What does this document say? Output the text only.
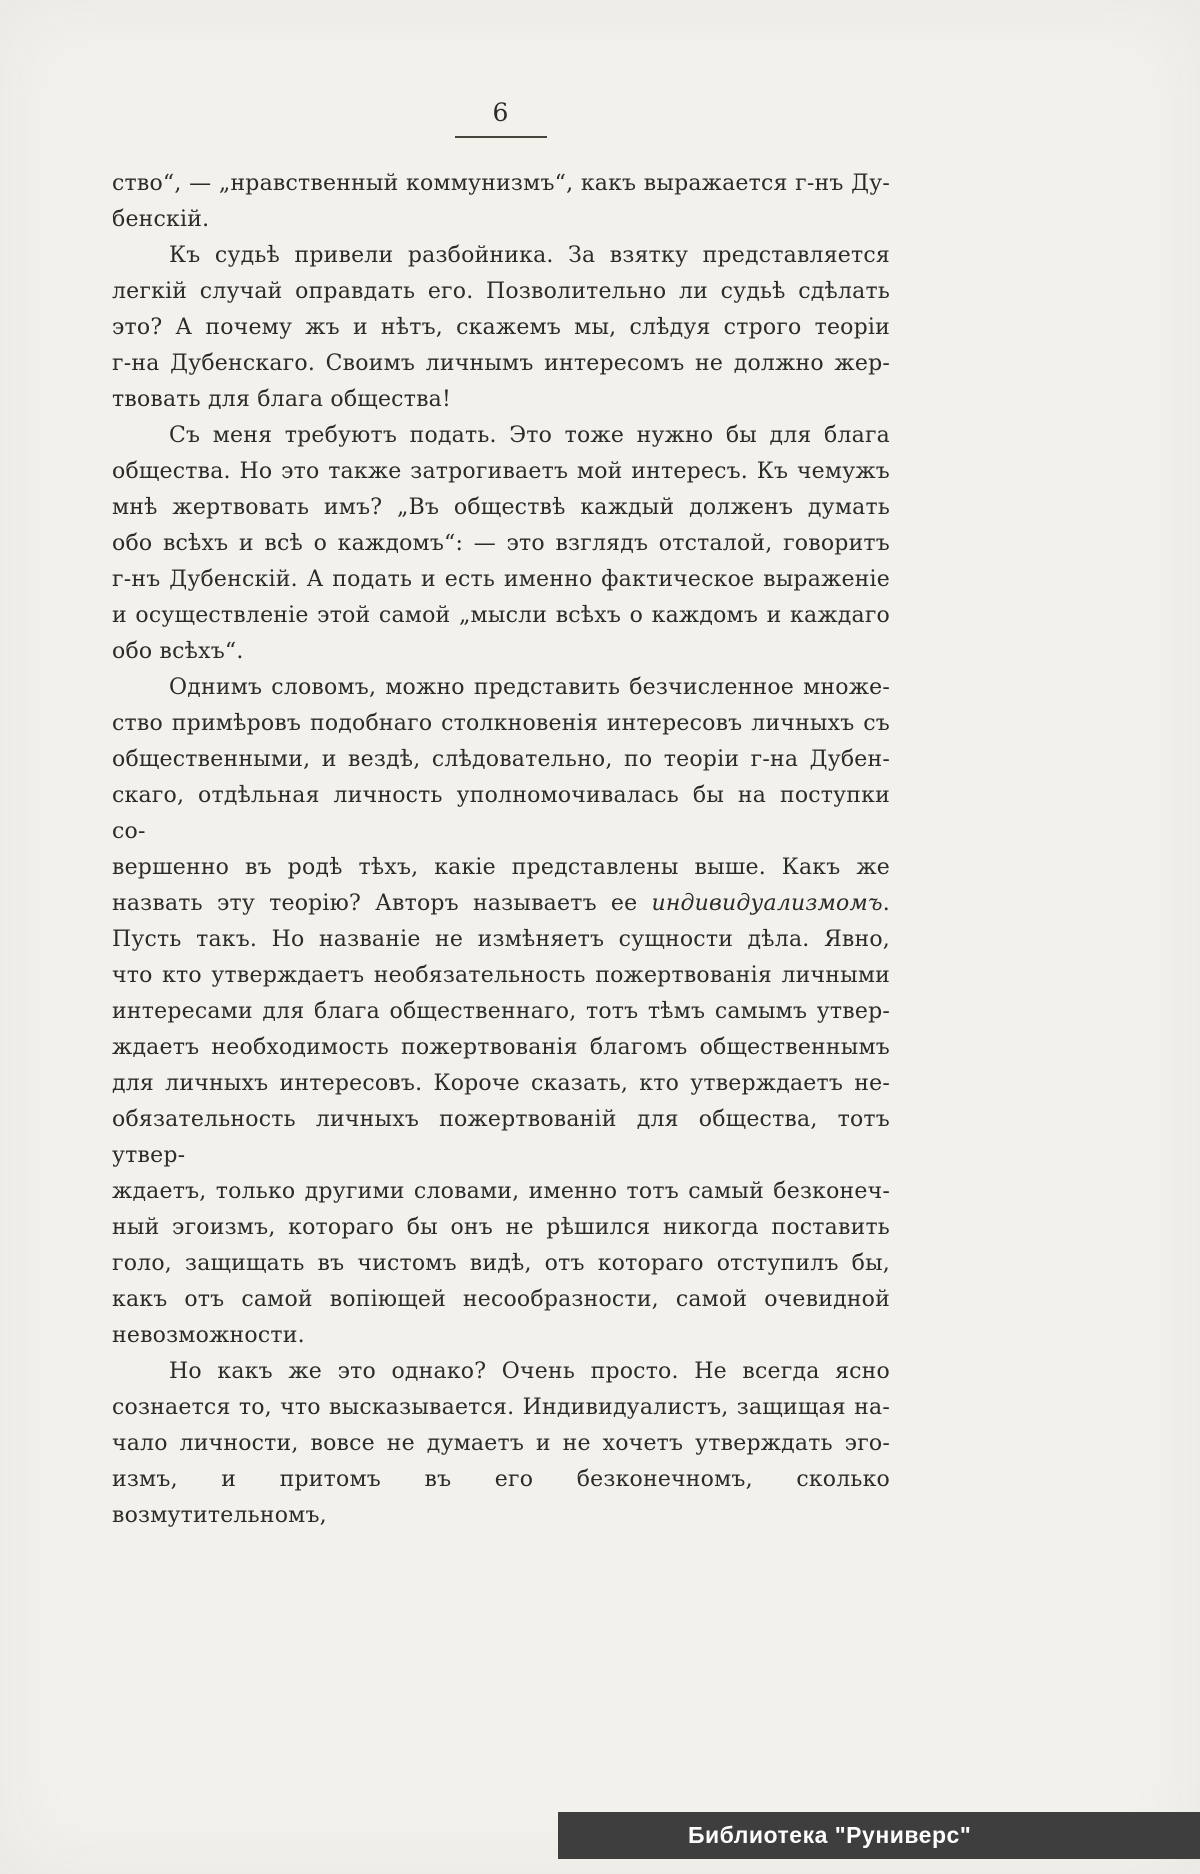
6
ство“, — „нравственный коммунизмъ“, какъ выражается г-нъ Ду-
бенскій.
Къ судьѣ привели разбойника. За взятку представляется
легкій случай оправдать его. Позволительно ли судьѣ сдѣлать
это? А почему жъ и нѣтъ, скажемъ мы, слѣдуя строго теоріи
г-на Дубенскаго. Своимъ личнымъ интересомъ не должно жер-
твовать для блага общества!
Съ меня требуютъ подать. Это тоже нужно бы для блага
общества. Но это также затрогиваетъ мой интересъ. Къ чемужъ
мнѣ жертвовать имъ? „Въ обществѣ каждый долженъ думать
обо всѣхъ и всѣ о каждомъ“: — это взглядъ отсталой, говоритъ
г-нъ Дубенскій. А подать и есть именно фактическое выраженіе
и осуществленіе этой самой „мысли всѣхъ о каждомъ и каждаго
обо всѣхъ“.
Однимъ словомъ, можно представить безчисленное множе-
ство примѣровъ подобнаго столкновенія интересовъ личныхъ съ
общественными, и вездѣ, слѣдовательно, по теоріи г-на Дубен-
скаго, отдѣльная личность уполномочивалась бы на поступки со-
вершенно въ родѣ тѣхъ, какіе представлены выше. Какъ же
назвать эту теорію? Авторъ называетъ ее индивидуализмомъ.
Пусть такъ. Но названіе не измѣняетъ сущности дѣла. Явно,
что кто утверждаетъ необязательность пожертвованія личными
интересами для блага общественнаго, тотъ тѣмъ самымъ утвер-
ждаетъ необходимость пожертвованія благомъ общественнымъ
для личныхъ интересовъ. Короче сказать, кто утверждаетъ не-
обязательность личныхъ пожертвованій для общества, тотъ утвер-
ждаетъ, только другими словами, именно тотъ самый безконеч-
ный эгоизмъ, котораго бы онъ не рѣшился никогда поставить
голо, защищать въ чистомъ видѣ, отъ котораго отступилъ бы,
какъ отъ самой вопіющей несообразности, самой очевидной
невозможности.
Но какъ же это однако? Очень просто. Не всегда ясно
сознается то, что высказывается. Индивидуалистъ, защищая на-
чало личности, вовсе не думаетъ и не хочетъ утверждать эго-
измъ, и притомъ въ его безконечномъ, сколько возмутительномъ,
Библиотека "Руниверс"
